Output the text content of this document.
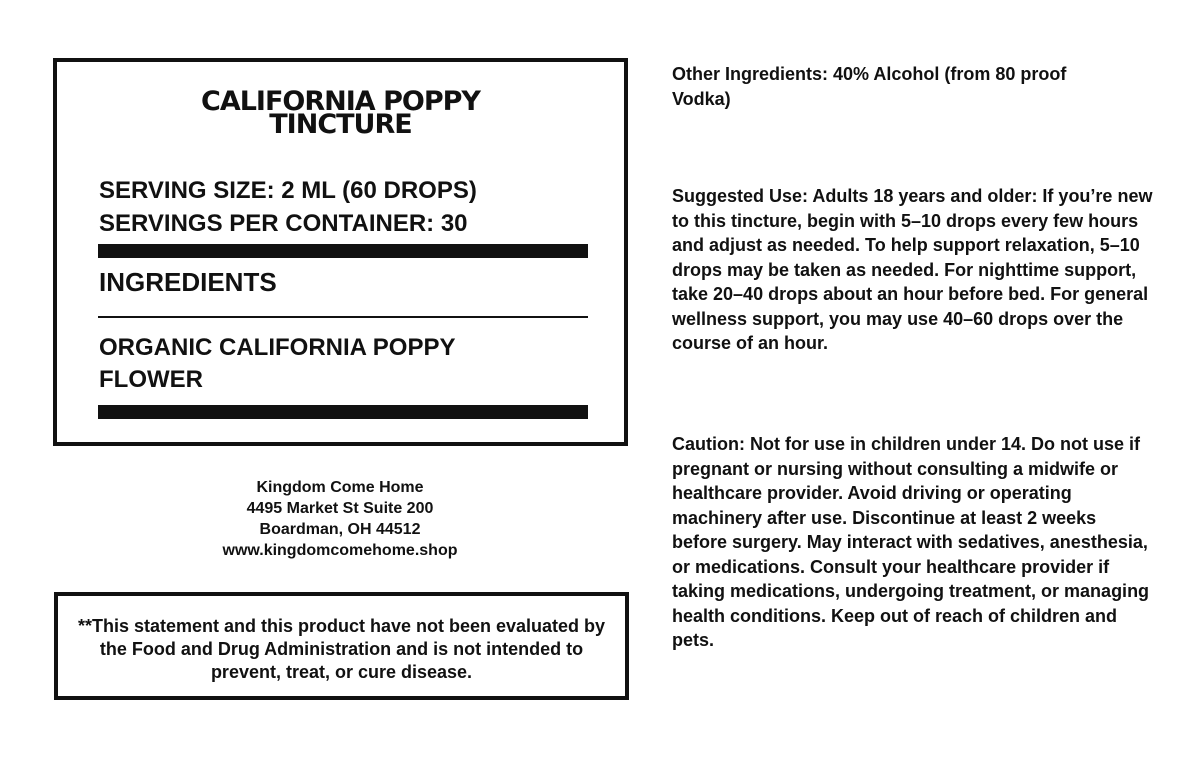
CALIFORNIA POPPY
TINCTURE
SERVING SIZE: 2 ML (60 DROPS)
SERVINGS PER CONTAINER: 30
INGREDIENTS
ORGANIC CALIFORNIA POPPY FLOWER
Kingdom Come Home
4495 Market St Suite 200
Boardman, OH 44512
www.kingdomcomehome.shop
**This statement and this product have not been evaluated by the Food and Drug Administration and is not intended to prevent, treat, or cure disease.
Other Ingredients: 40% Alcohol (from 80 proof Vodka)
Suggested Use: Adults 18 years and older: If you’re new to this tincture, begin with 5–10 drops every few hours and adjust as needed. To help support relaxation, 5–10 drops may be taken as needed. For nighttime support, take 20–40 drops about an hour before bed. For general wellness support, you may use 40–60 drops over the course of an hour.
Caution: Not for use in children under 14. Do not use if pregnant or nursing without consulting a midwife or healthcare provider. Avoid driving or operating machinery after use. Discontinue at least 2 weeks before surgery. May interact with sedatives, anesthesia, or medications. Consult your healthcare provider if taking medications, undergoing treatment, or managing health conditions. Keep out of reach of children and pets.
